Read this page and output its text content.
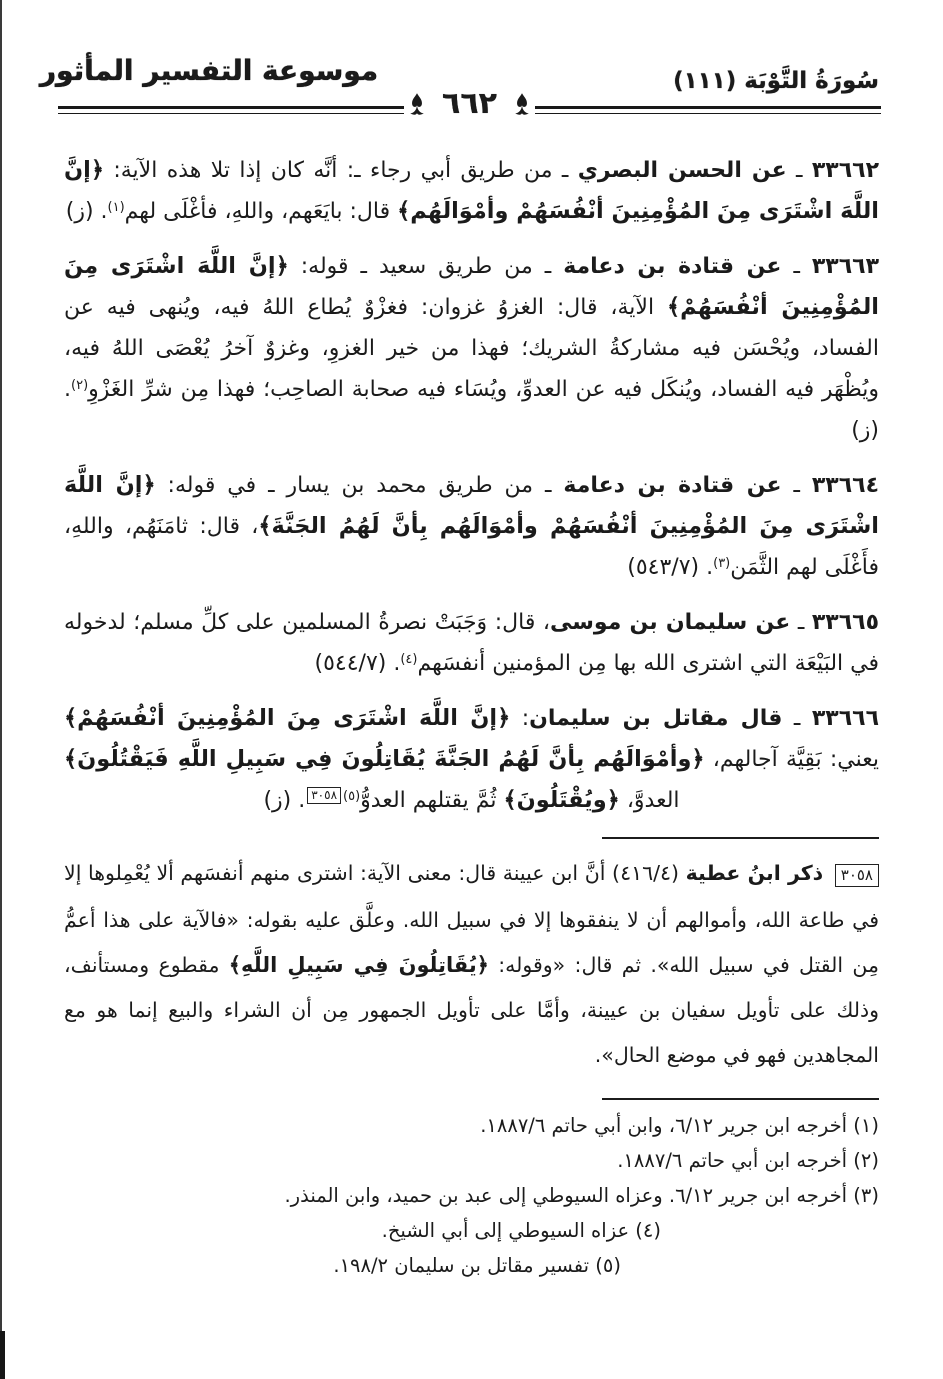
موسوعة التفسير المأثور	سُورَةُ التَّوْبَة (١١١)
٦٦٢

٣٣٦٦٢ ـ عن الحسن البصري ـ من طريق أبي رجاء ـ: أنَّه كان إذا تلا هذه الآية: ﴿إنَّ اللَّهَ اشْتَرَى مِنَ المُؤْمِنِينَ أنْفُسَهُمْ وأمْوَالَهُم﴾ قال: بايَعَهم، واللهِ، فأغْلَى لهم$^{(١)}$. (ز)

٣٣٦٦٣ ـ عن قتادة بن دعامة ـ من طريق سعيد ـ قوله: ﴿إنَّ اللَّهَ اشْتَرَى مِنَ المُؤْمِنِينَ أنْفُسَهُمْ﴾ الآية، قال: الغزوُ غزوان: فغزْوٌ يُطاع اللهُ فيه، ويُنهى فيه عن الفساد، ويُحْسَن فيه مشاركةُ الشريك؛ فهذا من خير الغزوِ، وغزوٌ آخرُ يُعْصَى اللهُ فيه، ويُظْهَر فيه الفساد، ويُنكَل فيه عن العدوِّ، ويُسَاء فيه صحابة الصاحِب؛ فهذا مِن شرِّ الغَزْوِ$^{(٢)}$. (ز)

٣٣٦٦٤ ـ عن قتادة بن دعامة ـ من طريق محمد بن يسار ـ في قوله: ﴿إنَّ اللَّهَ اشْتَرَى مِنَ المُؤْمِنِينَ أنْفُسَهُمْ وأمْوَالَهُم بِأنَّ لَهُمُ الجَنَّةَ﴾، قال: ثامَنَهُم، واللهِ، فأَغْلَى لهم الثَّمَن$^{(٣)}$. (٥٤٣/٧)

٣٣٦٦٥ ـ عن سليمان بن موسى، قال: وَجَبَتْ نصرةُ المسلمين على كلِّ مسلم؛ لدخوله في البَيْعَة التي اشترى الله بها مِن المؤمنين أنفسَهم$^{(٤)}$. (٥٤٤/٧)

٣٣٦٦٦ ـ قال مقاتل بن سليمان: ﴿إنَّ اللَّهَ اشْتَرَى مِنَ المُؤْمِنِينَ أنْفُسَهُمْ﴾ يعني: بَقِيَّة آجالهم، ﴿وأمْوَالَهُم بِأنَّ لَهُمُ الجَنَّةَ يُقَاتِلُونَ فِي سَبِيلِ اللَّهِ فَيَقْتُلُونَ﴾ العدوَّ، ﴿ويُقْتَلُونَ﴾ ثُمَّ يقتلهم العدوُّ$^{(٥)٣٠٥٨}$. (ز)

٣٠٥٨ ذكر ابنُ عطية (٤١٦/٤) أنَّ ابن عيينة قال: معنى الآية: اشترى منهم أنفسَهم ألا يُعْمِلوها إلا في طاعة الله، وأموالهم أن لا ينفقوها إلا في سبيل الله. وعلَّق عليه بقوله: «فالآية على هذا أعمُّ مِن القتل في سبيل الله». ثم قال: «وقوله: ﴿يُقَاتِلُونَ فِي سَبِيلِ اللَّهِ﴾ مقطوع ومستأنف، وذلك على تأويل سفيان بن عيينة، وأمَّا على تأويل الجمهور مِن أن الشراء والبيع إنما هو مع المجاهدين فهو في موضع الحال».

(١) أخرجه ابن جرير ٦/١٢، وابن أبي حاتم ١٨٨٧/٦.
(٢) أخرجه ابن أبي حاتم ١٨٨٧/٦.
(٣) أخرجه ابن جرير ٦/١٢. وعزاه السيوطي إلى عبد بن حميد، وابن المنذر.
(٤) عزاه السيوطي إلى أبي الشيخ.
(٥) تفسير مقاتل بن سليمان ١٩٨/٢.
